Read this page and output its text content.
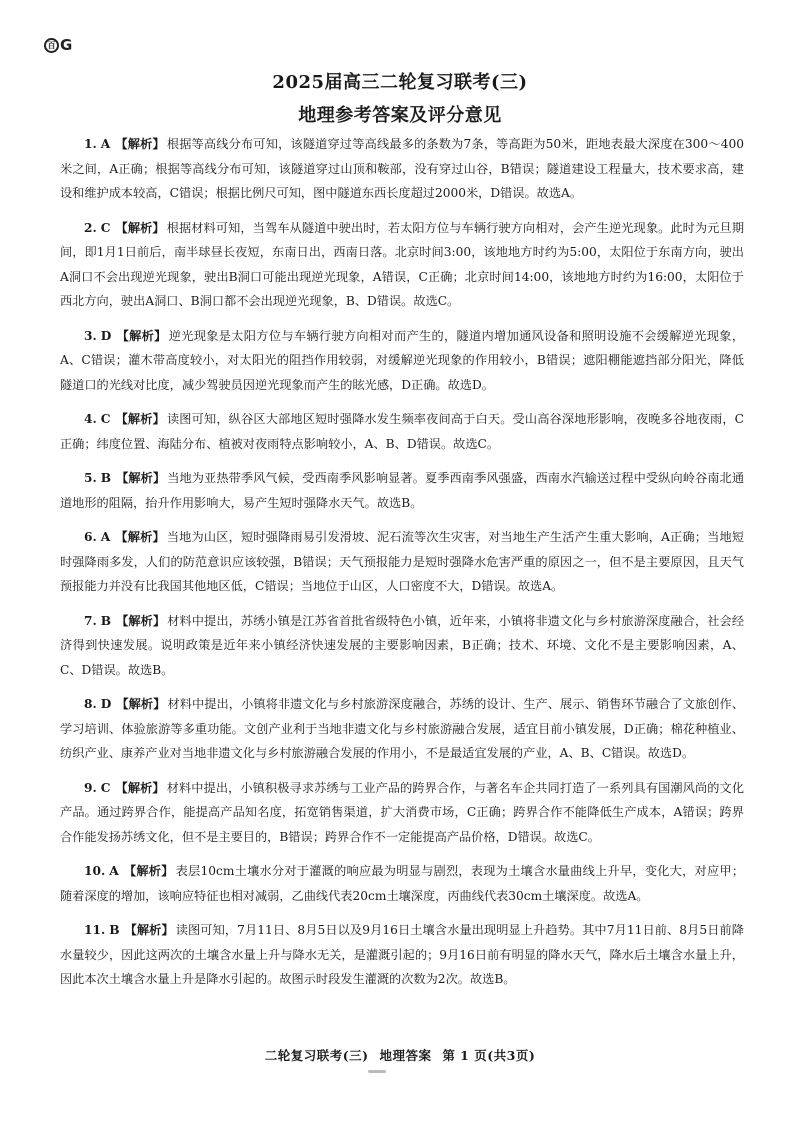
百 G
2025届高三二轮复习联考(三)
地理参考答案及评分意见

1. A 【解析】 根据等高线分布可知，该隧道穿过等高线最多的条数为7条，等高距为50米，距地表最大深度在300～400米之间，A正确；根据等高线分布可知，该隧道穿过山顶和鞍部，没有穿过山谷，B错误；隧道建设工程量大，技术要求高，建设和维护成本较高，C错误；根据比例尺可知，图中隧道东西长度超过2000米，D错误。故选A。

2. C 【解析】 根据材料可知，当驾车从隧道中驶出时，若太阳方位与车辆行驶方向相对，会产生逆光现象。此时为元旦期间，即1月1日前后，南半球昼长夜短，东南日出，西南日落。北京时间3:00，该地地方时约为5:00，太阳位于东南方向，驶出A洞口不会出现逆光现象，驶出B洞口可能出现逆光现象，A错误，C正确；北京时间14:00，该地地方时约为16:00，太阳位于西北方向，驶出A洞口、B洞口都不会出现逆光现象，B、D错误。故选C。

3. D 【解析】 逆光现象是太阳方位与车辆行驶方向相对而产生的，隧道内增加通风设备和照明设施不会缓解逆光现象，A、C错误；灌木带高度较小，对太阳光的阻挡作用较弱，对缓解逆光现象的作用较小，B错误；遮阳棚能遮挡部分阳光，降低隧道口的光线对比度，减少驾驶员因逆光现象而产生的眩光感，D正确。故选D。

4. C 【解析】 读图可知，纵谷区大部地区短时强降水发生频率夜间高于白天。受山高谷深地形影响，夜晚多谷地夜雨，C正确；纬度位置、海陆分布、植被对夜雨特点影响较小，A、B、D错误。故选C。

5. B 【解析】 当地为亚热带季风气候，受西南季风影响显著。夏季西南季风强盛，西南水汽输送过程中受纵向岭谷南北通道地形的阻隔，抬升作用影响大，易产生短时强降水天气。故选B。

6. A 【解析】 当地为山区，短时强降雨易引发滑坡、泥石流等次生灾害，对当地生产生活产生重大影响，A正确；当地短时强降雨多发，人们的防范意识应该较强，B错误；天气预报能力是短时强降水危害严重的原因之一，但不是主要原因，且天气预报能力并没有比我国其他地区低，C错误；当地位于山区，人口密度不大，D错误。故选A。

7. B 【解析】 材料中提出，苏绣小镇是江苏省首批省级特色小镇，近年来，小镇将非遗文化与乡村旅游深度融合，社会经济得到快速发展。说明政策是近年来小镇经济快速发展的主要影响因素，B正确；技术、环境、文化不是主要影响因素，A、C、D错误。故选B。

8. D 【解析】 材料中提出，小镇将非遗文化与乡村旅游深度融合，苏绣的设计、生产、展示、销售环节融合了文旅创作、学习培训、体验旅游等多重功能。文创产业利于当地非遗文化与乡村旅游融合发展，适宜目前小镇发展，D正确；棉花种植业、纺织产业、康养产业对当地非遗文化与乡村旅游融合发展的作用小，不是最适宜发展的产业，A、B、C错误。故选D。

9. C 【解析】 材料中提出，小镇积极寻求苏绣与工业产品的跨界合作，与著名车企共同打造了一系列具有国潮风尚的文化产品。通过跨界合作，能提高产品知名度，拓宽销售渠道，扩大消费市场，C正确；跨界合作不能降低生产成本，A错误；跨界合作能发扬苏绣文化，但不是主要目的，B错误；跨界合作不一定能提高产品价格，D错误。故选C。

10. A 【解析】 表层10cm土壤水分对于灌溉的响应最为明显与剧烈，表现为土壤含水量曲线上升早，变化大，对应甲；随着深度的增加，该响应特征也相对减弱，乙曲线代表20cm土壤深度，丙曲线代表30cm土壤深度。故选A。

11. B 【解析】 读图可知，7月11日、8月5日以及9月16日土壤含水量出现明显上升趋势。其中7月11日前、8月5日前降水量较少，因此这两次的土壤含水量上升与降水无关，是灌溉引起的；9月16日前有明显的降水天气，降水后土壤含水量上升，因此本次土壤含水量上升是降水引起的。故图示时段发生灌溉的次数为2次。故选B。

二轮复习联考(三) 地理答案 第 1 页(共3页)
